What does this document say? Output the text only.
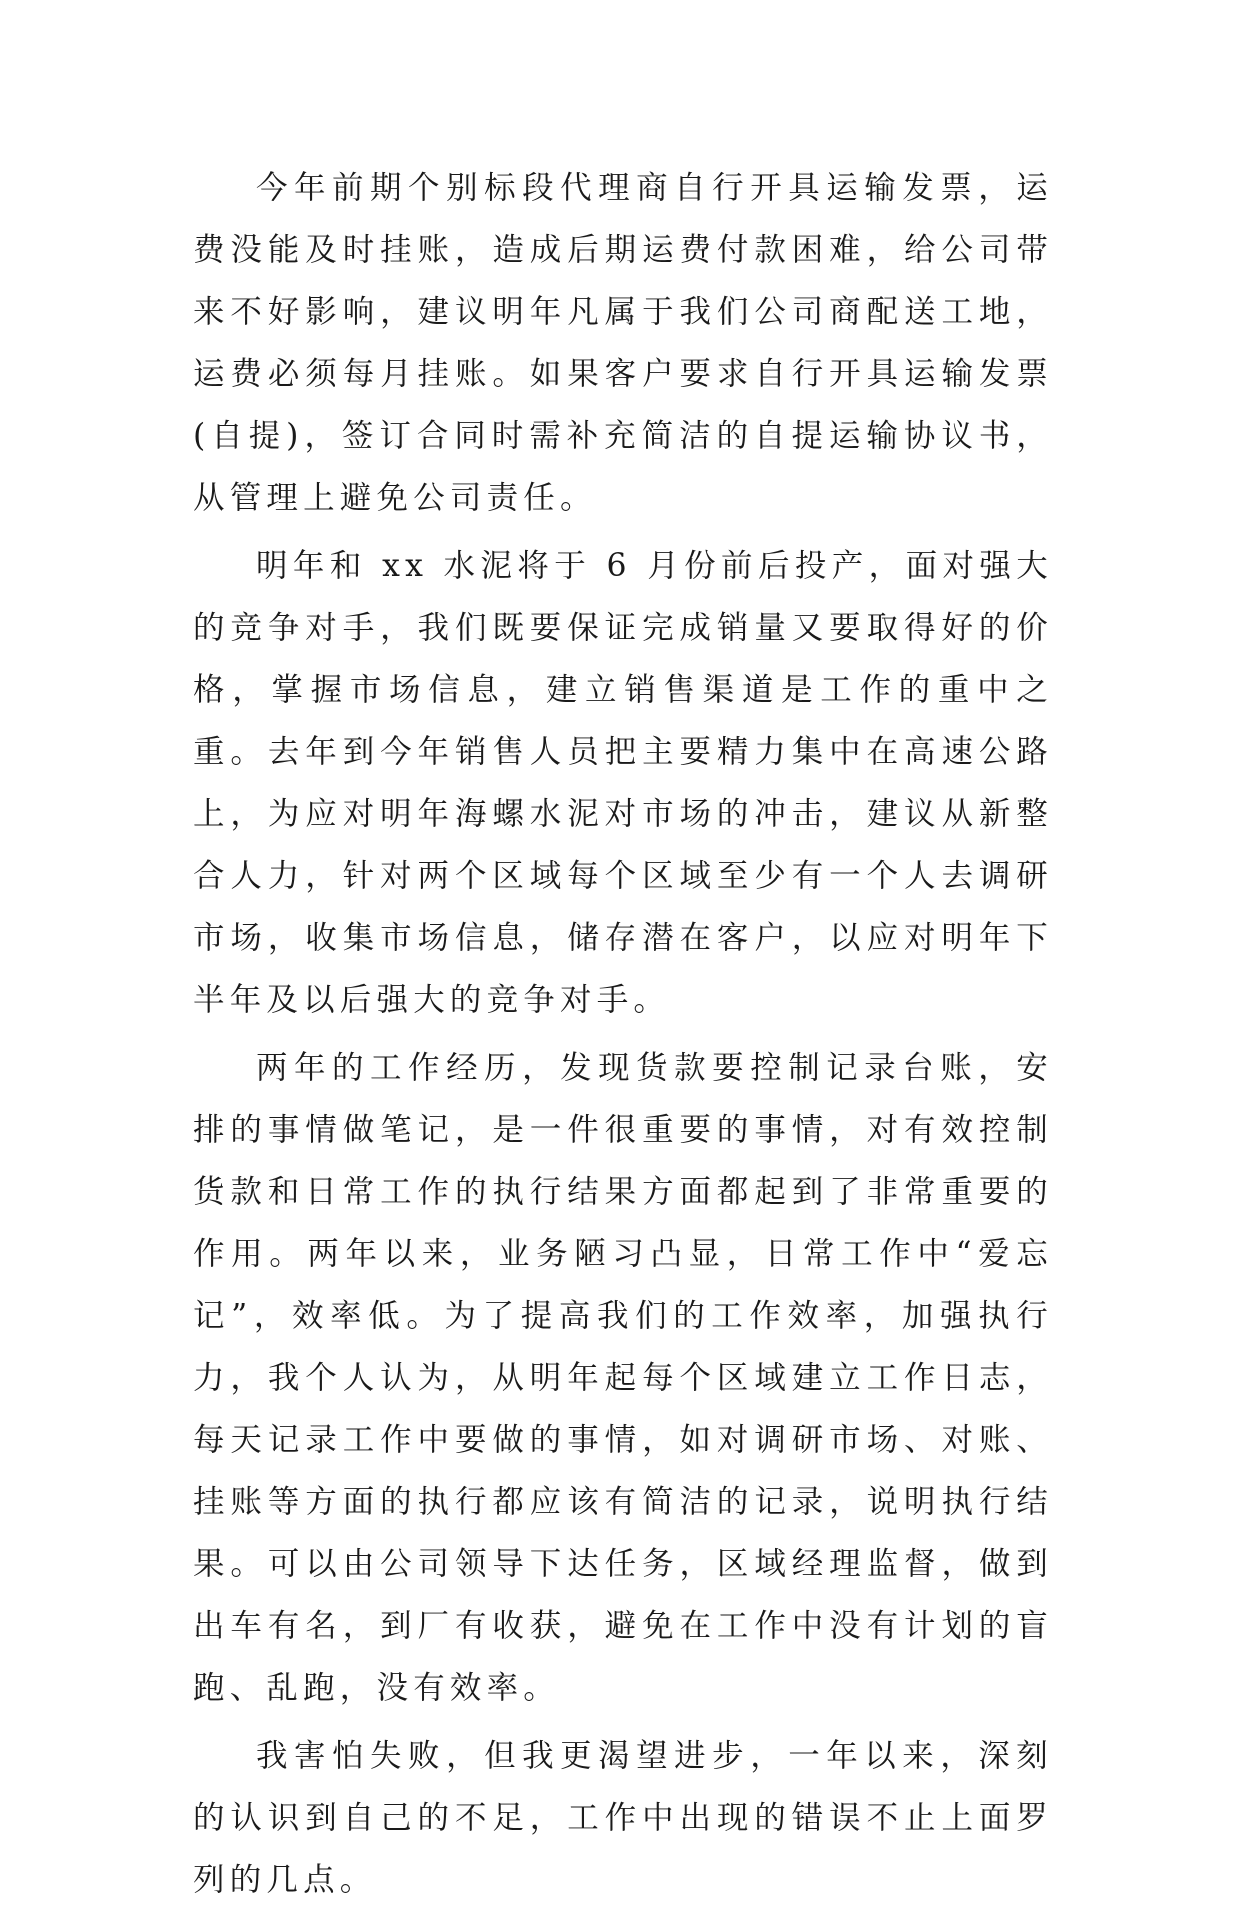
今年前期个别标段代理商自行开具运输发票，运费没能及时挂账，造成后期运费付款困难，给公司带来不好影响，建议明年凡属于我们公司商配送工地，运费必须每月挂账。如果客户要求自行开具运输发票(自提)，签订合同时需补充简洁的自提运输协议书，从管理上避免公司责任。

明年和 xx 水泥将于 6 月份前后投产，面对强大的竞争对手，我们既要保证完成销量又要取得好的价格，掌握市场信息，建立销售渠道是工作的重中之重。去年到今年销售人员把主要精力集中在高速公路上，为应对明年海螺水泥对市场的冲击，建议从新整合人力，针对两个区域每个区域至少有一个人去调研市场，收集市场信息，储存潜在客户，以应对明年下半年及以后强大的竞争对手。

两年的工作经历，发现货款要控制记录台账，安排的事情做笔记，是一件很重要的事情，对有效控制货款和日常工作的执行结果方面都起到了非常重要的作用。两年以来，业务陋习凸显，日常工作中“爱忘记”，效率低。为了提高我们的工作效率，加强执行力，我个人认为，从明年起每个区域建立工作日志，每天记录工作中要做的事情，如对调研市场、对账、挂账等方面的执行都应该有简洁的记录，说明执行结果。可以由公司领导下达任务，区域经理监督，做到出车有名，到厂有收获，避免在工作中没有计划的盲跑、乱跑，没有效率。

我害怕失败，但我更渴望进步，一年以来，深刻的认识到自己的不足，工作中出现的错误不止上面罗列的几点。
